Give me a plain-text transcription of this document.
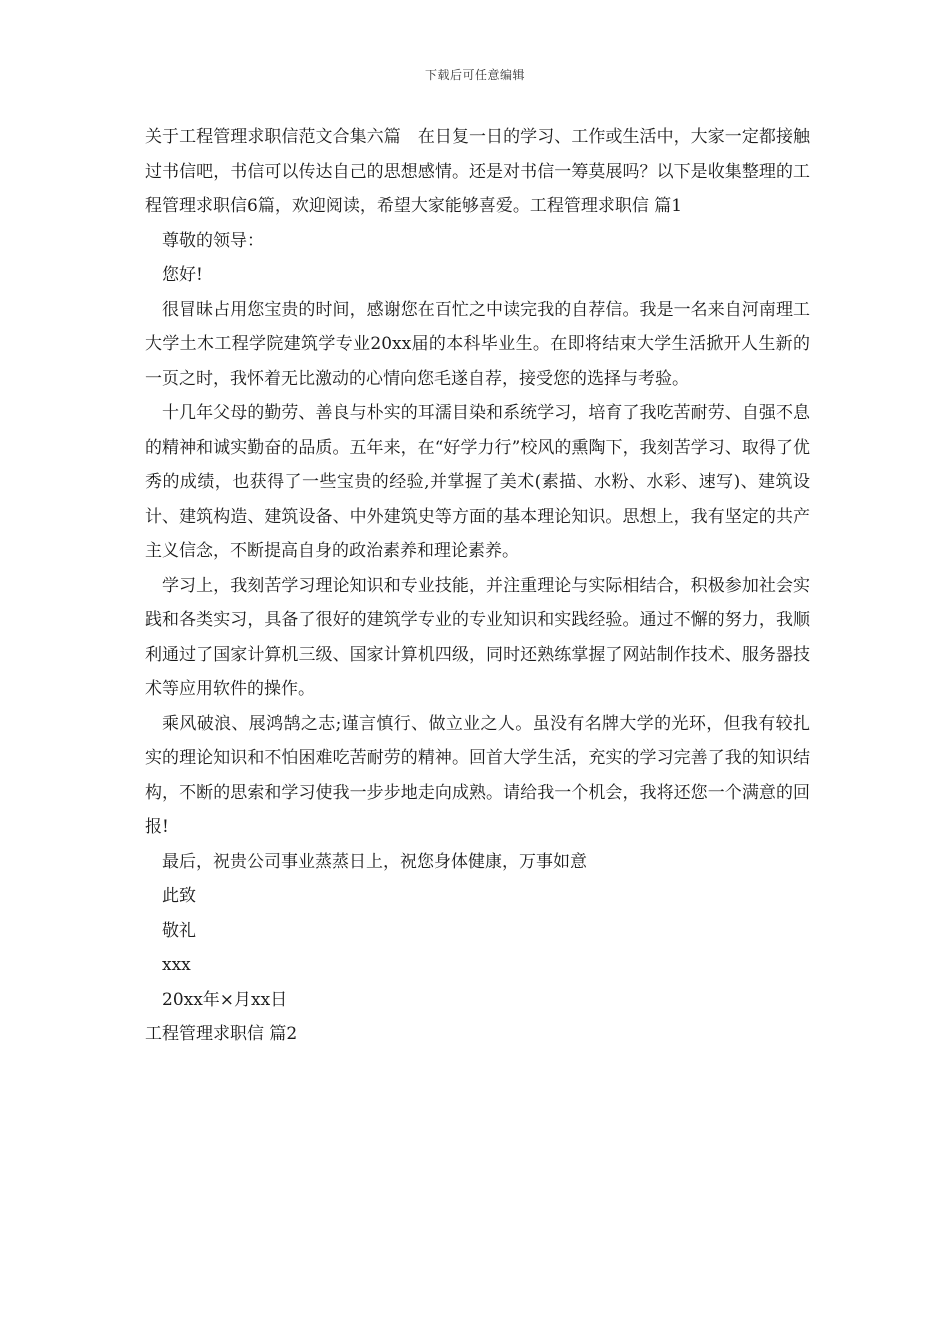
下载后可任意编辑

关于工程管理求职信范文合集六篇　在日复一日的学习、工作或生活中，大家一定都接触过书信吧，书信可以传达自己的思想感情。还是对书信一筹莫展吗？以下是收集整理的工程管理求职信6篇，欢迎阅读，希望大家能够喜爱。工程管理求职信 篇1

尊敬的领导：

您好!

很冒昧占用您宝贵的时间，感谢您在百忙之中读完我的自荐信。我是一名来自河南理工大学土木工程学院建筑学专业20xx届的本科毕业生。在即将结束大学生活掀开人生新的一页之时，我怀着无比激动的心情向您毛遂自荐，接受您的选择与考验。

十几年父母的勤劳、善良与朴实的耳濡目染和系统学习，培育了我吃苦耐劳、自强不息的精神和诚实勤奋的品质。五年来，在“好学力行”校风的熏陶下，我刻苦学习、取得了优秀的成绩，也获得了一些宝贵的经验,并掌握了美术(素描、水粉、水彩、速写)、建筑设计、建筑构造、建筑设备、中外建筑史等方面的基本理论知识。思想上，我有坚定的共产主义信念，不断提高自身的政治素养和理论素养。

学习上，我刻苦学习理论知识和专业技能，并注重理论与实际相结合，积极参加社会实践和各类实习，具备了很好的建筑学专业的专业知识和实践经验。通过不懈的努力，我顺利通过了国家计算机三级、国家计算机四级，同时还熟练掌握了网站制作技术、服务器技术等应用软件的操作。

乘风破浪、展鸿鹄之志;谨言慎行、做立业之人。虽没有名牌大学的光环，但我有较扎实的理论知识和不怕困难吃苦耐劳的精神。回首大学生活，充实的学习完善了我的知识结构，不断的思索和学习使我一步步地走向成熟。请给我一个机会，我将还您一个满意的回报!

最后，祝贵公司事业蒸蒸日上，祝您身体健康，万事如意

此致

敬礼

xxx

20xx年×月xx日

工程管理求职信 篇2
